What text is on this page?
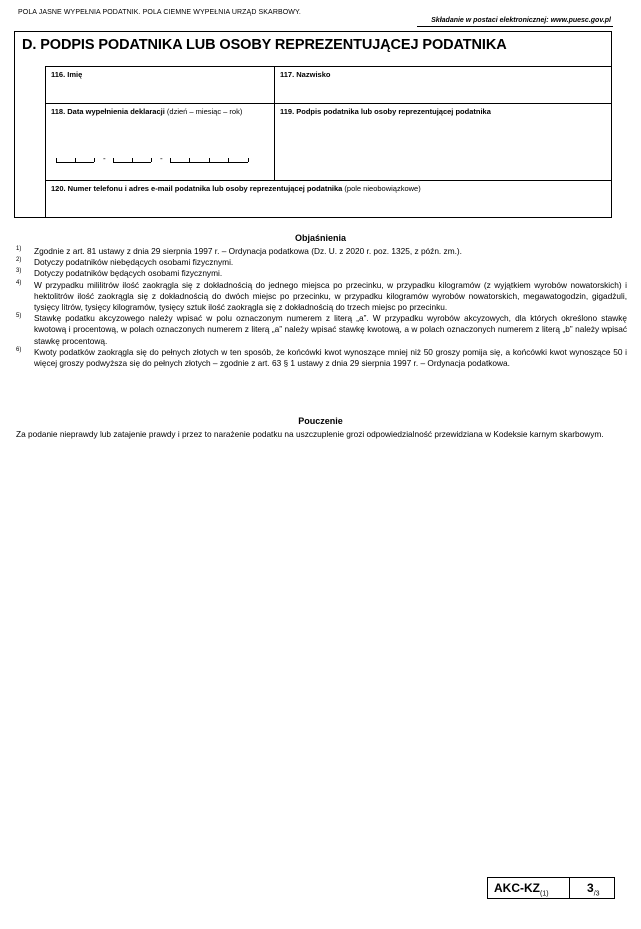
POLA JASNE WYPEŁNIA PODATNIK. POLA CIEMNE WYPEŁNIA URZĄD SKARBOWY.
Składanie w postaci elektronicznej: www.puesc.gov.pl
D. PODPIS PODATNIKA LUB OSOBY REPREZENTUJĄCEJ PODATNIKA
116. Imię	117. Nazwisko
118. Data wypełnienia deklaracji (dzień – miesiąc – rok)
-	-
119. Podpis podatnika lub osoby reprezentującej podatnika
120. Numer telefonu i adres e-mail podatnika lub osoby reprezentującej podatnika (pole nieobowiązkowe)
Objaśnienia
1) Zgodnie z art. 81 ustawy z dnia 29 sierpnia 1997 r. – Ordynacja podatkowa (Dz. U. z 2020 r. poz. 1325, z późn. zm.).
2) Dotyczy podatników niebędących osobami fizycznymi.
3) Dotyczy podatników będących osobami fizycznymi.
4) W przypadku mililitrów ilość zaokrągla się z dokładnością do jednego miejsca po przecinku, w przypadku kilogramów (z wyjątkiem wyrobów nowatorskich) i hektolitrów ilość zaokrągla się z dokładnością do dwóch miejsc po przecinku, w przypadku kilogramów wyrobów nowatorskich, megawatogodzin, gigadżuli, tysięcy litrów, tysięcy kilogramów, tysięcy sztuk ilość zaokrągla się z dokładnością do trzech miejsc po przecinku.
5) Stawkę podatku akcyzowego należy wpisać w polu oznaczonym numerem z literą „a”. W przypadku wyrobów akcyzowych, dla których określono stawkę kwotową i procentową, w polach oznaczonych numerem z literą „a” należy wpisać stawkę kwotową, a w polach oznaczonych numerem z literą „b” należy wpisać stawkę procentową.
6) Kwoty podatków zaokrągla się do pełnych złotych w ten sposób, że końcówki kwot wynoszące mniej niż 50 groszy pomija się, a końcówki kwot wynoszące 50 i więcej groszy podwyższa się do pełnych złotych – zgodnie z art. 63 § 1 ustawy z dnia 29 sierpnia 1997 r. – Ordynacja podatkowa.
Pouczenie
Za podanie nieprawdy lub zatajenie prawdy i przez to narażenie podatku na uszczuplenie grozi odpowiedzialność przewidziana w Kodeksie karnym skarbowym.
AKC-$KZ_{(1)}$	$3_{/3}$
